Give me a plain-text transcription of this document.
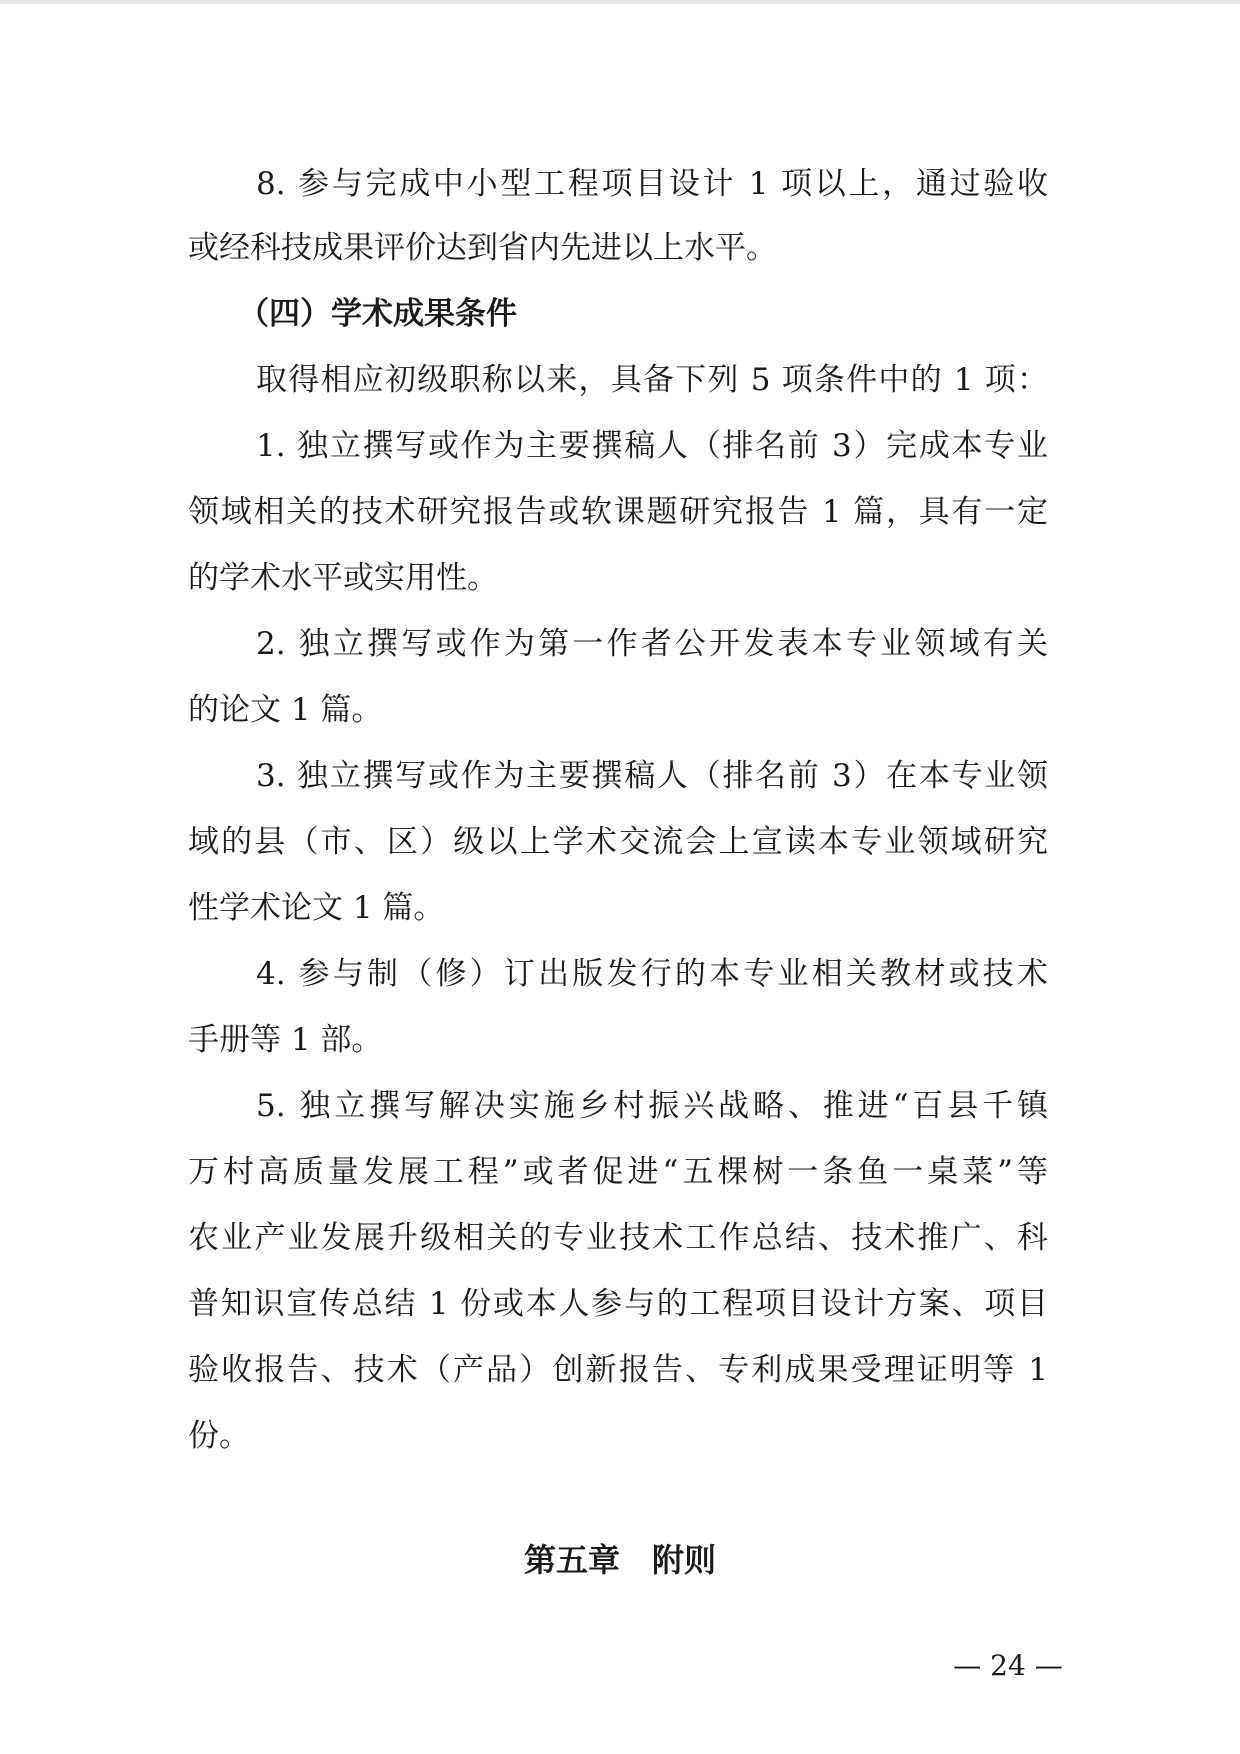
8. 参与完成中小型工程项目设计 1 项以上，通过验收
或经科技成果评价达到省内先进以上水平。
（四）学术成果条件
取得相应初级职称以来，具备下列 5 项条件中的 1 项：
1. 独立撰写或作为主要撰稿人（排名前 3）完成本专业
领域相关的技术研究报告或软课题研究报告 1 篇，具有一定
的学术水平或实用性。
2. 独立撰写或作为第一作者公开发表本专业领域有关
的论文 1 篇。
3. 独立撰写或作为主要撰稿人（排名前 3）在本专业领
域的县（市、区）级以上学术交流会上宣读本专业领域研究
性学术论文 1 篇。
4. 参与制（修）订出版发行的本专业相关教材或技术
手册等 1 部。
5. 独立撰写解决实施乡村振兴战略、推进“百县千镇
万村高质量发展工程”或者促进“五棵树一条鱼一桌菜”等
农业产业发展升级相关的专业技术工作总结、技术推广、科
普知识宣传总结 1 份或本人参与的工程项目设计方案、项目
验收报告、技术（产品）创新报告、专利成果受理证明等 1
份。
第五章　附则
— 24 —
